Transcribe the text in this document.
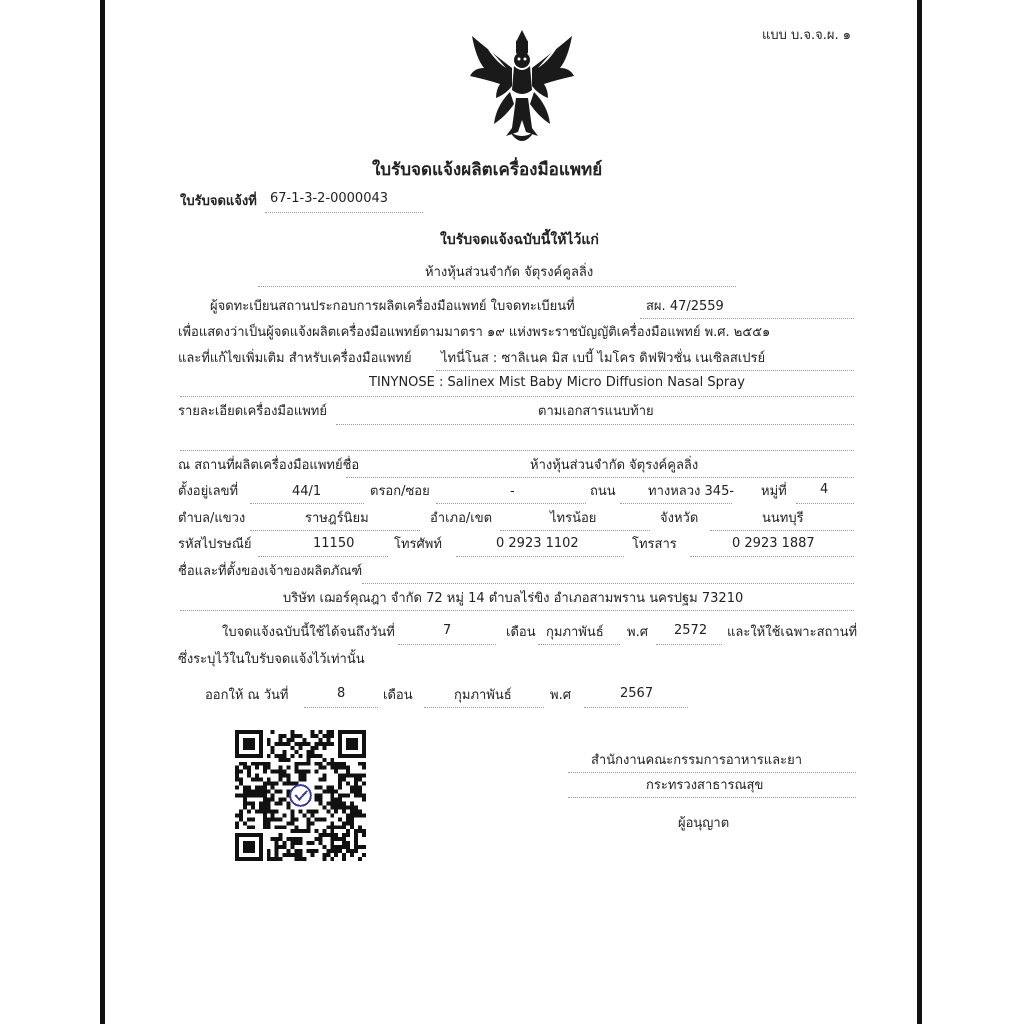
แบบ บ.จ.จ.ผ. ๑
ใบรับจดแจ้งผลิตเครื่องมือแพทย์
ใบรับจดแจ้งที่ 67-1-3-2-0000043
ใบรับจดแจ้งฉบับนี้ให้ไว้แก่
ห้างหุ้นส่วนจำกัด จัตุรงค์คูลลิ่ง
ผู้จดทะเบียนสถานประกอบการผลิตเครื่องมือแพทย์ ใบจดทะเบียนที่	สผ. 47/2559
เพื่อแสดงว่าเป็นผู้จดแจ้งผลิตเครื่องมือแพทย์ตามมาตรา ๑๙ แห่งพระราชบัญญัติเครื่องมือแพทย์ พ.ศ. ๒๕๕๑
และที่แก้ไขเพิ่มเติม สำหรับเครื่องมือแพทย์ ไทนี่โนส : ซาลิเนค มิส เบบี้ ไมโคร ดิฟฟิวชั่น เนเซิลสเปรย์
TINYNOSE : Salinex Mist Baby Micro Diffusion Nasal Spray
รายละเอียดเครื่องมือแพทย์	ตามเอกสารแนบท้าย
ณ สถานที่ผลิตเครื่องมือแพทย์ชื่อ	ห้างหุ้นส่วนจำกัด จัตุรงค์คูลลิ่ง
ตั้งอยู่เลขที่	44/1	ตรอก/ซอย	-	ถนน ทางหลวง 345- หมู่ที่	4
ตำบล/แขวง	ราษฎร์นิยม	อำเภอ/เขต	ไทรน้อย	จังหวัด	นนทบุรี
รหัสไปรษณีย์	11150	โทรศัพท์	0 2923 1102	โทรสาร	0 2923 1887
ชื่อและที่ตั้งของเจ้าของผลิตภัณฑ์
บริษัท เฌอร์คุณฎา จำกัด 72 หมู่ 14 ตำบลไร่ขิง อำเภอสามพราน นครปฐม 73210
ใบจดแจ้งฉบับนี้ใช้ได้จนถึงวันที่	7	เดือน กุมภาพันธ์ พ.ศ 2572 และให้ใช้เฉพาะสถานที่
ซึ่งระบุไว้ในใบรับจดแจ้งไว้เท่านั้น
ออกให้ ณ วันที่	8	เดือน	กุมภาพันธ์	พ.ศ	2567
สำนักงานคณะกรรมการอาหารและยา
กระทรวงสาธารณสุข
ผู้อนุญาต
